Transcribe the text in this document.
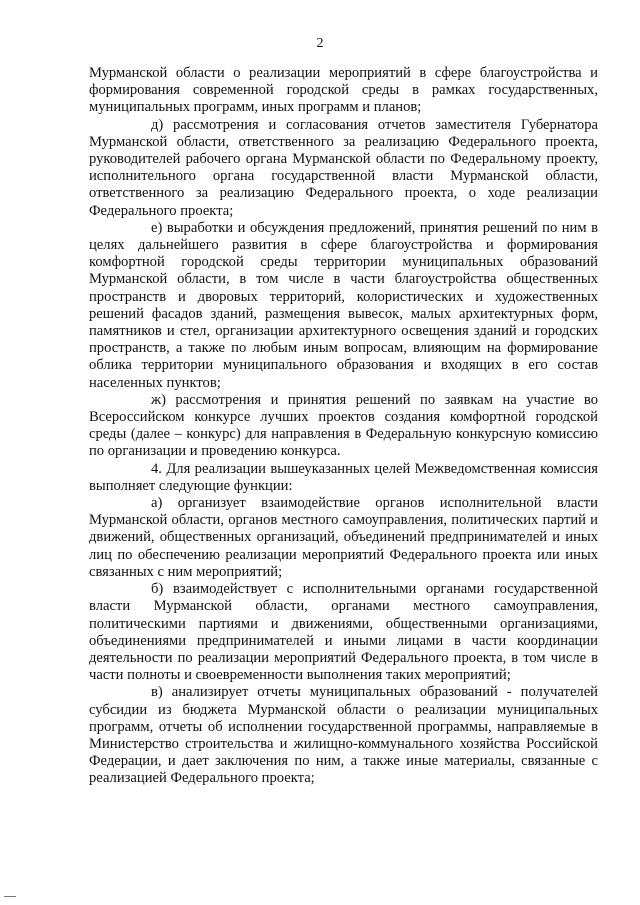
2

Мурманской области о реализации мероприятий в сфере благоустройства и формирования современной городской среды в рамках государственных, муниципальных программ, иных программ и планов;

д) рассмотрения и согласования отчетов заместителя Губернатора Мурманской области, ответственного за реализацию Федерального проекта, руководителей рабочего органа Мурманской области по Федеральному проекту, исполнительного органа государственной власти Мурманской области, ответственного за реализацию Федерального проекта, о ходе реализации Федерального проекта;

е) выработки и обсуждения предложений, принятия решений по ним в целях дальнейшего развития в сфере благоустройства и формирования комфортной городской среды территории муниципальных образований Мурманской области, в том числе в части благоустройства общественных пространств и дворовых территорий, колористических и художественных решений фасадов зданий, размещения вывесок, малых архитектурных форм, памятников и стел, организации архитектурного освещения зданий и городских пространств, а также по любым иным вопросам, влияющим на формирование облика территории муниципального образования и входящих в его состав населенных пунктов;

ж) рассмотрения и принятия решений по заявкам на участие во Всероссийском конкурсе лучших проектов создания комфортной городской среды (далее – конкурс) для направления в Федеральную конкурсную комиссию по организации и проведению конкурса.

4. Для реализации вышеуказанных целей Межведомственная комиссия выполняет следующие функции:

а) организует взаимодействие органов исполнительной власти Мурманской области, органов местного самоуправления, политических партий и движений, общественных организаций, объединений предпринимателей и иных лиц по обеспечению реализации мероприятий Федерального проекта или иных связанных с ним мероприятий;

б) взаимодействует с исполнительными органами государственной власти Мурманской области, органами местного самоуправления, политическими партиями и движениями, общественными организациями, объединениями предпринимателей и иными лицами в части координации деятельности по реализации мероприятий Федерального проекта, в том числе в части полноты и своевременности выполнения таких мероприятий;

в) анализирует отчеты муниципальных образований - получателей субсидии из бюджета Мурманской области о реализации муниципальных программ, отчеты об исполнении государственной программы, направляемые в Министерство строительства и жилищно-коммунального хозяйства Российской Федерации, и дает заключения по ним, а также иные материалы, связанные с реализацией Федерального проекта;
